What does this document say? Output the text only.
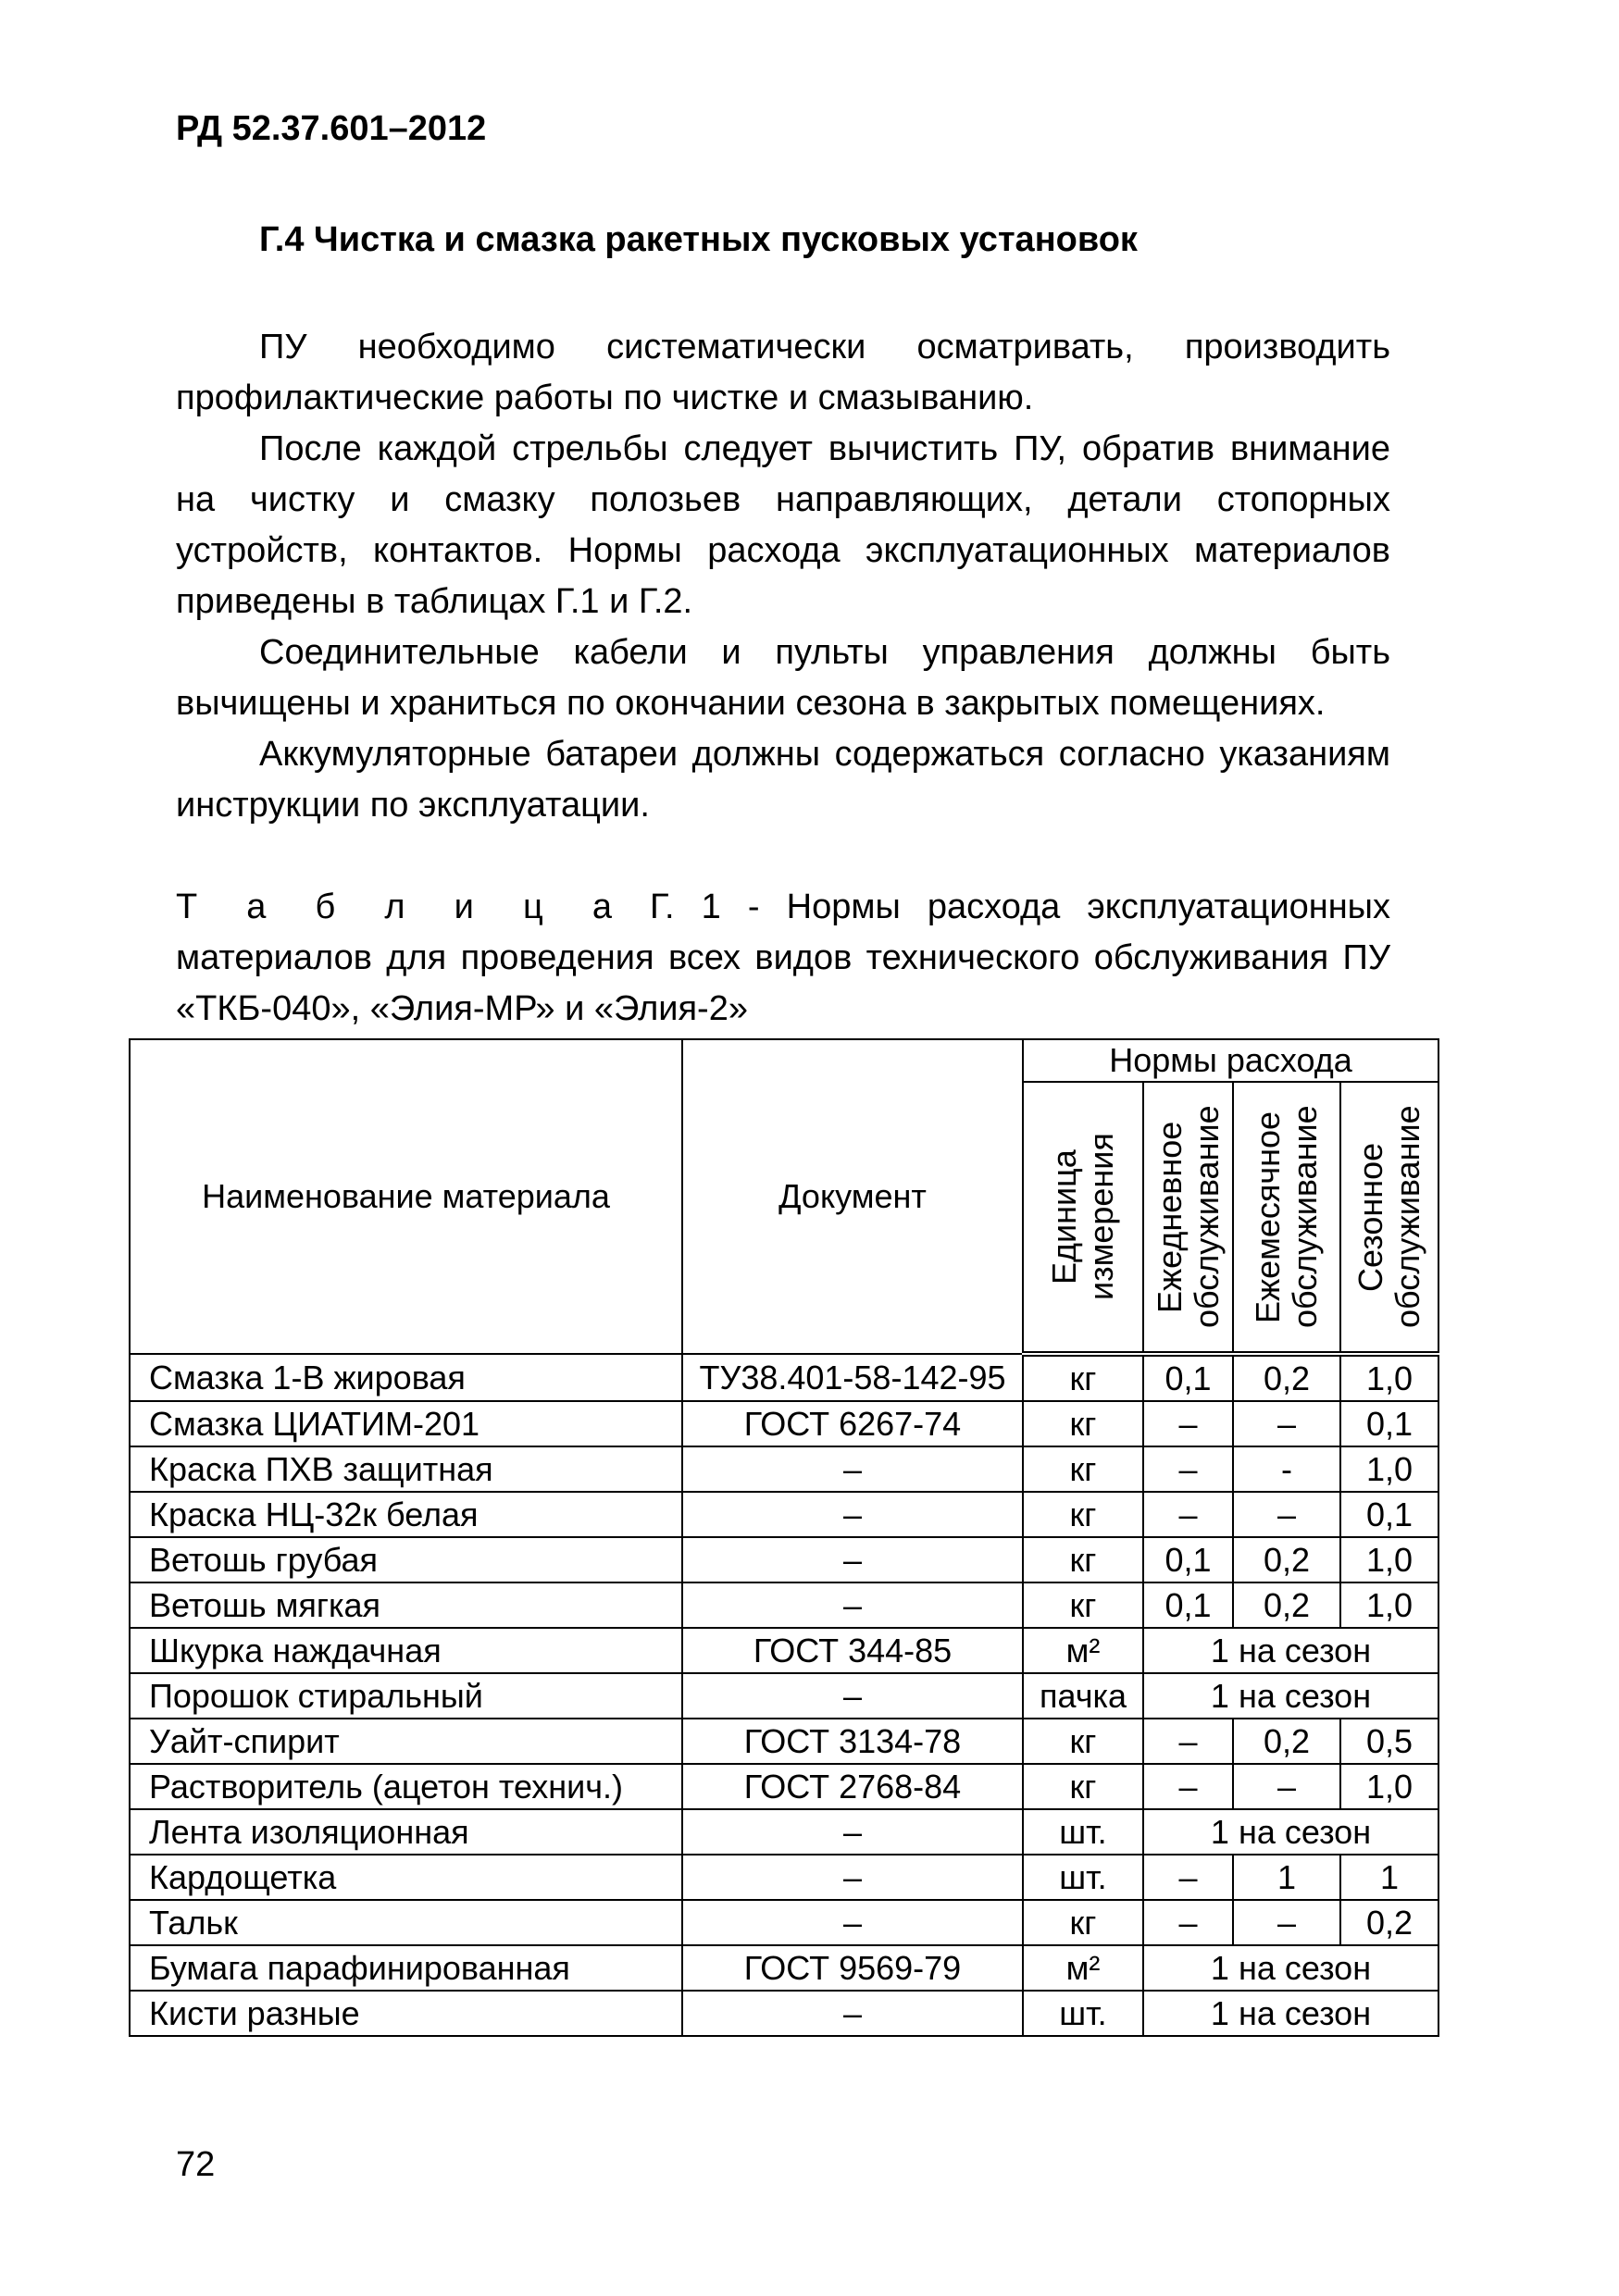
РД 52.37.601–2012
Г.4 Чистка и смазка ракетных пусковых установок

ПУ необходимо систематически осматривать, производить профилактические работы по чистке и смазыванию.

После каждой стрельбы следует вычистить ПУ, обратив внимание на чистку и смазку полозьев направляющих, детали стопорных устройств, контактов. Нормы расхода эксплуатационных материалов приведены в таблицах Г.1 и Г.2.

Соединительные кабели и пульты управления должны быть вычищены и храниться по окончании сезона в закрытых помещениях.

Аккумуляторные батареи должны содержаться согласно указаниям инструкции по эксплуатации.

Т а б л и ц а Г. 1 - Нормы расхода эксплуатационных материалов для проведения всех видов технического обслуживания ПУ «ТКБ-040», «Элия-МР» и «Элия-2»
Наименование материала	Документ	Нормы расхода			

		Единица измерения	Ежедневное обслуживание	Ежемесячное обслуживание	Сезонное обслуживание

Смазка 1-В жировая	ТУ38.401-58-142-95	кг	0,1	0,2	1,0
Смазка ЦИАТИМ-201	ГОСТ 6267-74	кг	–	–	0,1
Краска ПХВ защитная	–	кг	–	-	1,0
Краска НЦ-32к белая	–	кг	–	–	0,1
Ветошь грубая	–	кг	0,1	0,2	1,0
Ветошь мягкая	–	кг	0,1	0,2	1,0
Шкурка наждачная	ГОСТ 344-85	м²	1 на сезон		
Порошок стиральный	–	пачка	1 на сезон		
Уайт-спирит	ГОСТ 3134-78	кг	–	0,2	0,5
Растворитель (ацетон технич.)	ГОСТ 2768-84	кг	–	–	1,0
Лента изоляционная	–	шт.	1 на сезон		
Кардощетка	–	шт.	–	1	1
Тальк	–	кг	–	–	0,2
Бумага парафинированная	ГОСТ 9569-79	м²	1 на сезон		
Кисти разные	–	шт.	1 на сезон		
72
